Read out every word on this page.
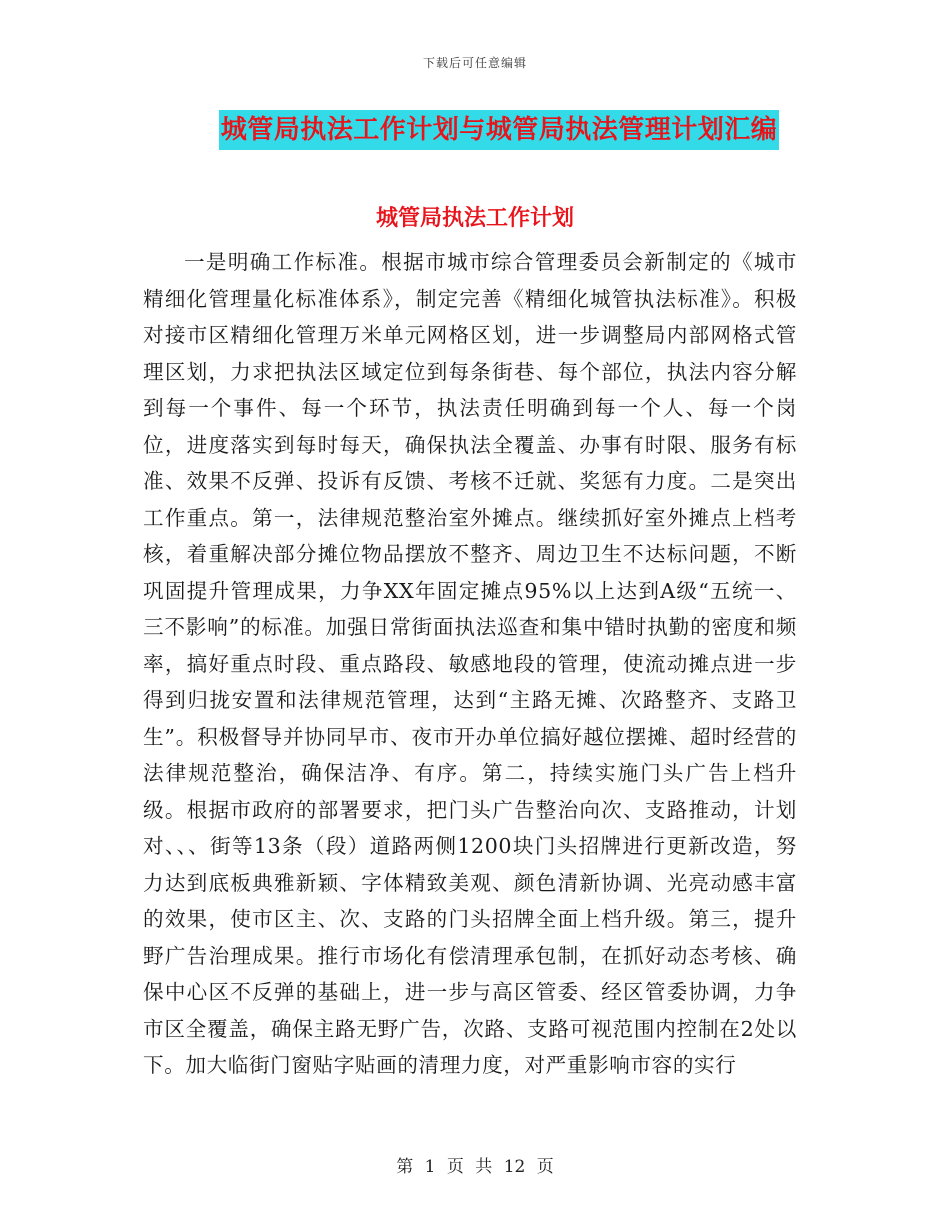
下载后可任意编辑
城管局执法工作计划与城管局执法管理计划汇编
城管局执法工作计划

一是明确工作标准。根据市城市综合管理委员会新制定的《城市精细化管理量化标准体系》，制定完善《精细化城管执法标准》。积极对接市区精细化管理万米单元网格区划，进一步调整局内部网格式管理区划，力求把执法区域定位到每条街巷、每个部位，执法内容分解到每一个事件、每一个环节，执法责任明确到每一个人、每一个岗位，进度落实到每时每天，确保执法全覆盖、办事有时限、服务有标准、效果不反弹、投诉有反馈、考核不迁就、奖惩有力度。二是突出工作重点。第一，法律规范整治室外摊点。继续抓好室外摊点上档考核，着重解决部分摊位物品摆放不整齐、周边卫生不达标问题，不断巩固提升管理成果，力争XX年固定摊点95%以上达到A级“五统一、三不影响”的标准。加强日常街面执法巡查和集中错时执勤的密度和频率，搞好重点时段、重点路段、敏感地段的管理，使流动摊点进一步得到归拢安置和法律规范管理，达到“主路无摊、次路整齐、支路卫生”。积极督导并协同早市、夜市开办单位搞好越位摆摊、超时经营的法律规范整治，确保洁净、有序。第二，持续实施门头广告上档升级。根据市政府的部署要求，把门头广告整治向次、支路推动，计划对、、、街等13条（段）道路两侧1200块门头招牌进行更新改造，努力达到底板典雅新颖、字体精致美观、颜色清新协调、光亮动感丰富的效果，使市区主、次、支路的门头招牌全面上档升级。第三，提升野广告治理成果。推行市场化有偿清理承包制，在抓好动态考核、确保中心区不反弹的基础上，进一步与高区管委、经区管委协调，力争市区全覆盖，确保主路无野广告，次路、支路可视范围内控制在2处以下。加大临街门窗贴字贴画的清理力度，对严重影响市容的实行

第 1 页 共 12 页
